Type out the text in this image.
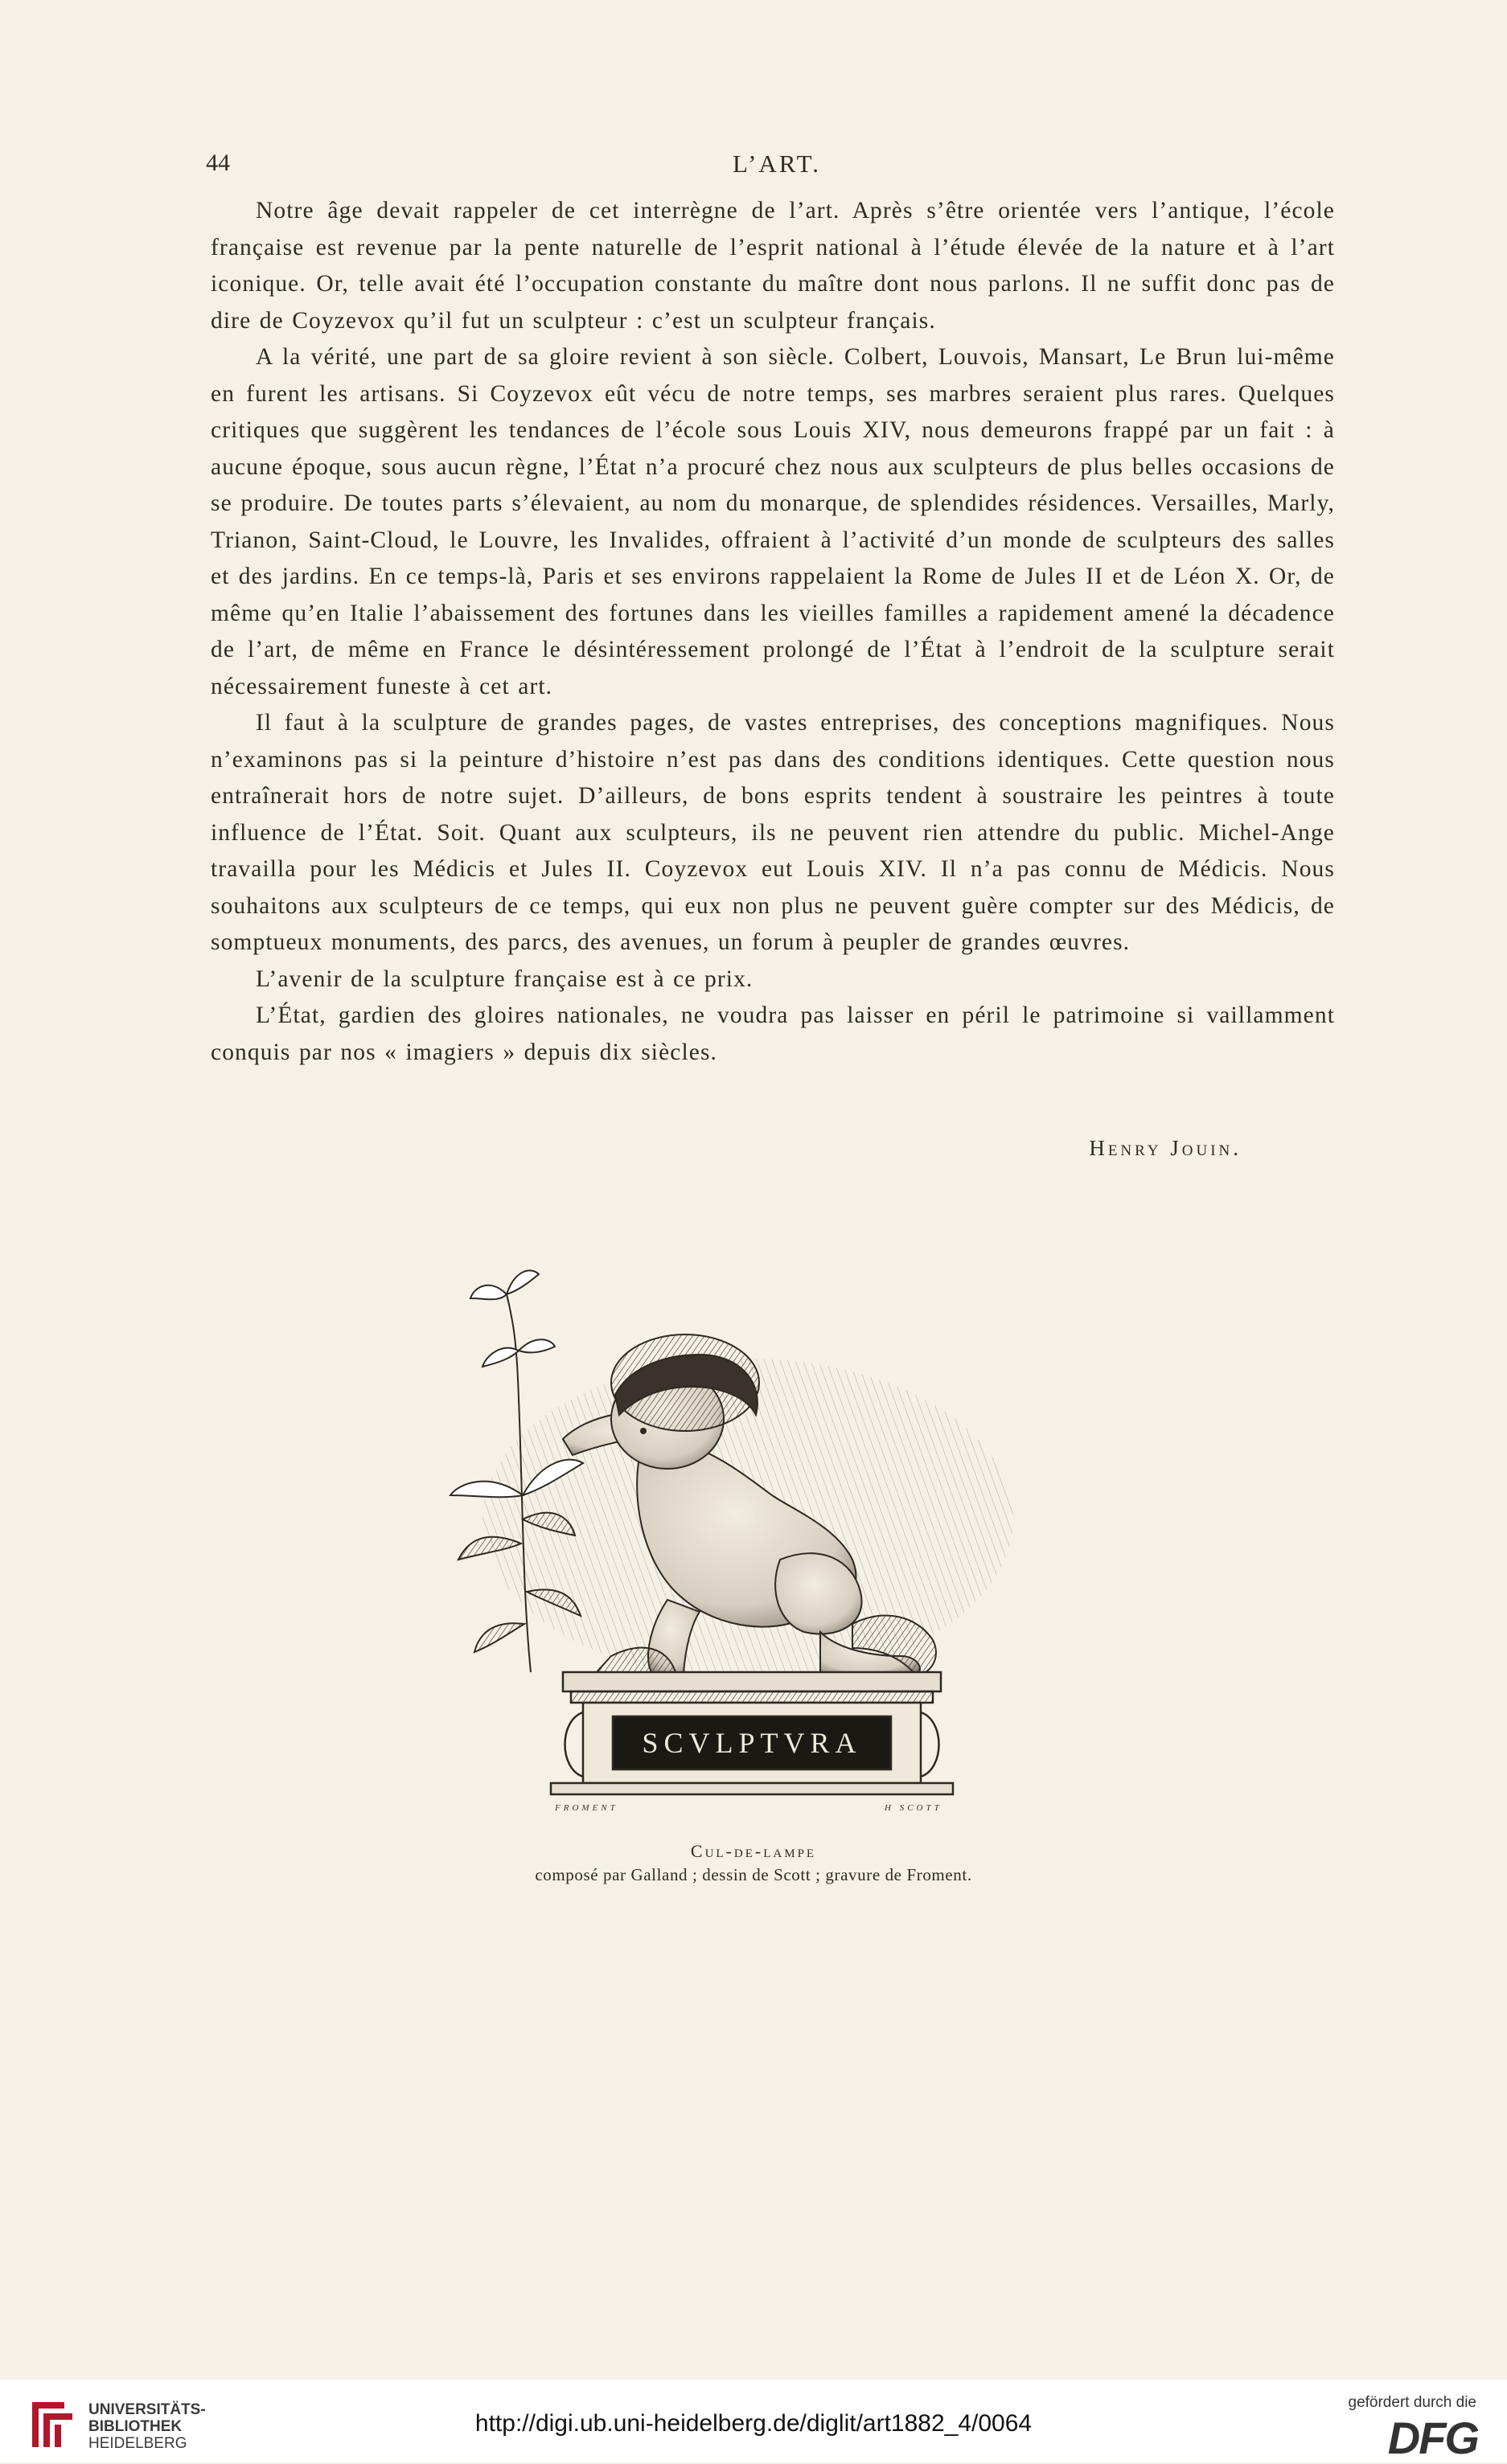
44	L’ART.

Notre âge devait rappeler de cet interrègne de l’art. Après s’être orientée vers l’antique, l’école française est revenue par la pente naturelle de l’esprit national à l’étude élevée de la nature et à l’art iconique. Or, telle avait été l’occupation constante du maître dont nous parlons. Il ne suffit donc pas de dire de Coyzevox qu’il fut un sculpteur : c’est un sculpteur français.

A la vérité, une part de sa gloire revient à son siècle. Colbert, Louvois, Mansart, Le Brun lui-même en furent les artisans. Si Coyzevox eût vécu de notre temps, ses marbres seraient plus rares. Quelques critiques que suggèrent les tendances de l’école sous Louis XIV, nous demeurons frappé par un fait : à aucune époque, sous aucun règne, l’État n’a procuré chez nous aux sculpteurs de plus belles occasions de se produire. De toutes parts s’élevaient, au nom du monarque, de splendides résidences. Versailles, Marly, Trianon, Saint-Cloud, le Louvre, les Invalides, offraient à l’activité d’un monde de sculpteurs des salles et des jardins. En ce temps-là, Paris et ses environs rappelaient la Rome de Jules II et de Léon X. Or, de même qu’en Italie l’abaissement des fortunes dans les vieilles familles a rapidement amené la décadence de l’art, de même en France le désintéressement prolongé de l’État à l’endroit de la sculpture serait nécessairement funeste à cet art.

Il faut à la sculpture de grandes pages, de vastes entreprises, des conceptions magnifiques. Nous n’examinons pas si la peinture d’histoire n’est pas dans des conditions identiques. Cette question nous entraînerait hors de notre sujet. D’ailleurs, de bons esprits tendent à soustraire les peintres à toute influence de l’État. Soit. Quant aux sculpteurs, ils ne peuvent rien attendre du public. Michel-Ange travailla pour les Médicis et Jules II. Coyzevox eut Louis XIV. Il n’a pas connu de Médicis. Nous souhaitons aux sculpteurs de ce temps, qui eux non plus ne peuvent guère compter sur des Médicis, de somptueux monuments, des parcs, des avenues, un forum à peupler de grandes œuvres.

L’avenir de la sculpture française est à ce prix.

L’État, gardien des gloires nationales, ne voudra pas laisser en péril le patrimoine si vaillamment conquis par nos « imagiers » depuis dix siècles.

Henry Jouin.
SCVLPTVRA
FROMENT	H SCOTT
Cul-de-lampe
composé par Galland ; dessin de Scott ; gravure de Froment.
UNIVERSITÄTS-
BIBLIOTHEK
HEIDELBERG
http://digi.ub.uni-heidelberg.de/diglit/art1882_4/0064
gefördert durch die
DFG
